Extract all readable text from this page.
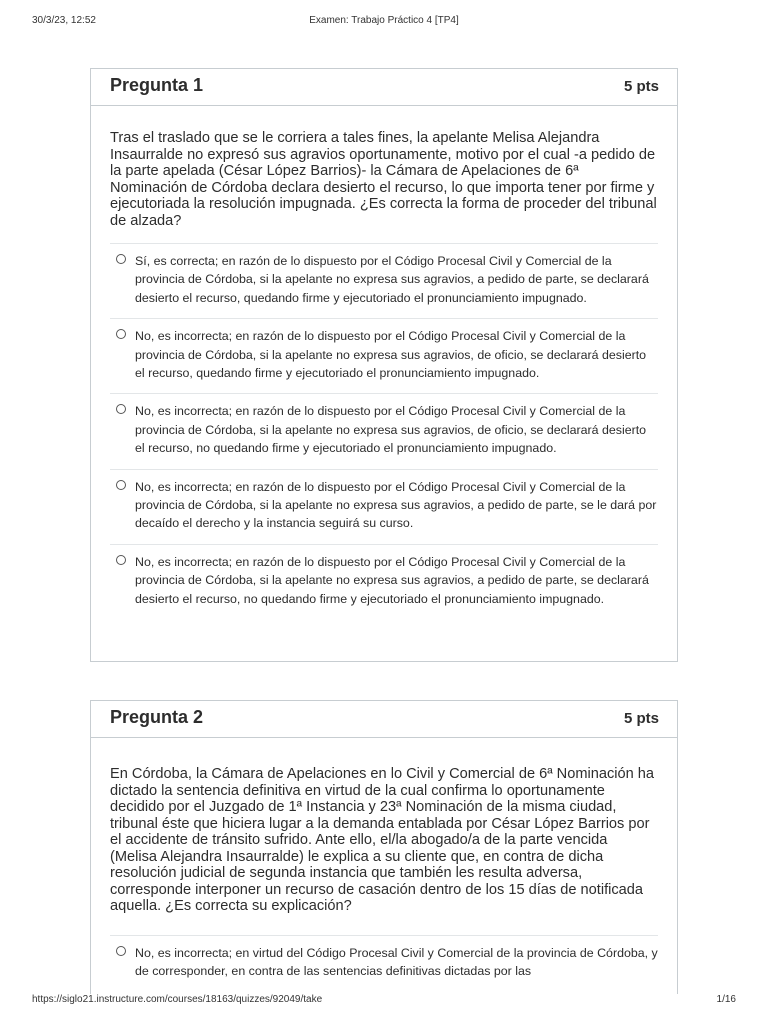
30/3/23, 12:52	Examen: Trabajo Práctico 4 [TP4]
Pregunta 1	5 pts

Tras el traslado que se le corriera a tales fines, la apelante Melisa Alejandra Insaurralde no expresó sus agravios oportunamente, motivo por el cual -a pedido de la parte apelada (César López Barrios)- la Cámara de Apelaciones de 6ª Nominación de Córdoba declara desierto el recurso, lo que importa tener por firme y ejecutoriada la resolución impugnada. ¿Es correcta la forma de proceder del tribunal de alzada?

Sí, es correcta; en razón de lo dispuesto por el Código Procesal Civil y Comercial de la provincia de Córdoba, si la apelante no expresa sus agravios, a pedido de parte, se declarará desierto el recurso, quedando firme y ejecutoriado el pronunciamiento impugnado.
No, es incorrecta; en razón de lo dispuesto por el Código Procesal Civil y Comercial de la provincia de Córdoba, si la apelante no expresa sus agravios, de oficio, se declarará desierto el recurso, quedando firme y ejecutoriado el pronunciamiento impugnado.
No, es incorrecta; en razón de lo dispuesto por el Código Procesal Civil y Comercial de la provincia de Córdoba, si la apelante no expresa sus agravios, de oficio, se declarará desierto el recurso, no quedando firme y ejecutoriado el pronunciamiento impugnado.
No, es incorrecta; en razón de lo dispuesto por el Código Procesal Civil y Comercial de la provincia de Córdoba, si la apelante no expresa sus agravios, a pedido de parte, se le dará por decaído el derecho y la instancia seguirá su curso.
No, es incorrecta; en razón de lo dispuesto por el Código Procesal Civil y Comercial de la provincia de Córdoba, si la apelante no expresa sus agravios, a pedido de parte, se declarará desierto el recurso, no quedando firme y ejecutoriado el pronunciamiento impugnado.
Pregunta 2	5 pts

En Córdoba, la Cámara de Apelaciones en lo Civil y Comercial de 6ª Nominación ha dictado la sentencia definitiva en virtud de la cual confirma lo oportunamente decidido por el Juzgado de 1ª Instancia y 23ª Nominación de la misma ciudad, tribunal éste que hiciera lugar a la demanda entablada por César López Barrios por el accidente de tránsito sufrido. Ante ello, el/la abogado/a de la parte vencida (Melisa Alejandra Insaurralde) le explica a su cliente que, en contra de dicha resolución judicial de segunda instancia que también les resulta adversa, corresponde interponer un recurso de casación dentro de los 15 días de notificada aquella. ¿Es correcta su explicación?

No, es incorrecta; en virtud del Código Procesal Civil y Comercial de la provincia de Córdoba, y de corresponder, en contra de las sentencias definitivas dictadas por las
https://siglo21.instructure.com/courses/18163/quizzes/92049/take	1/16
